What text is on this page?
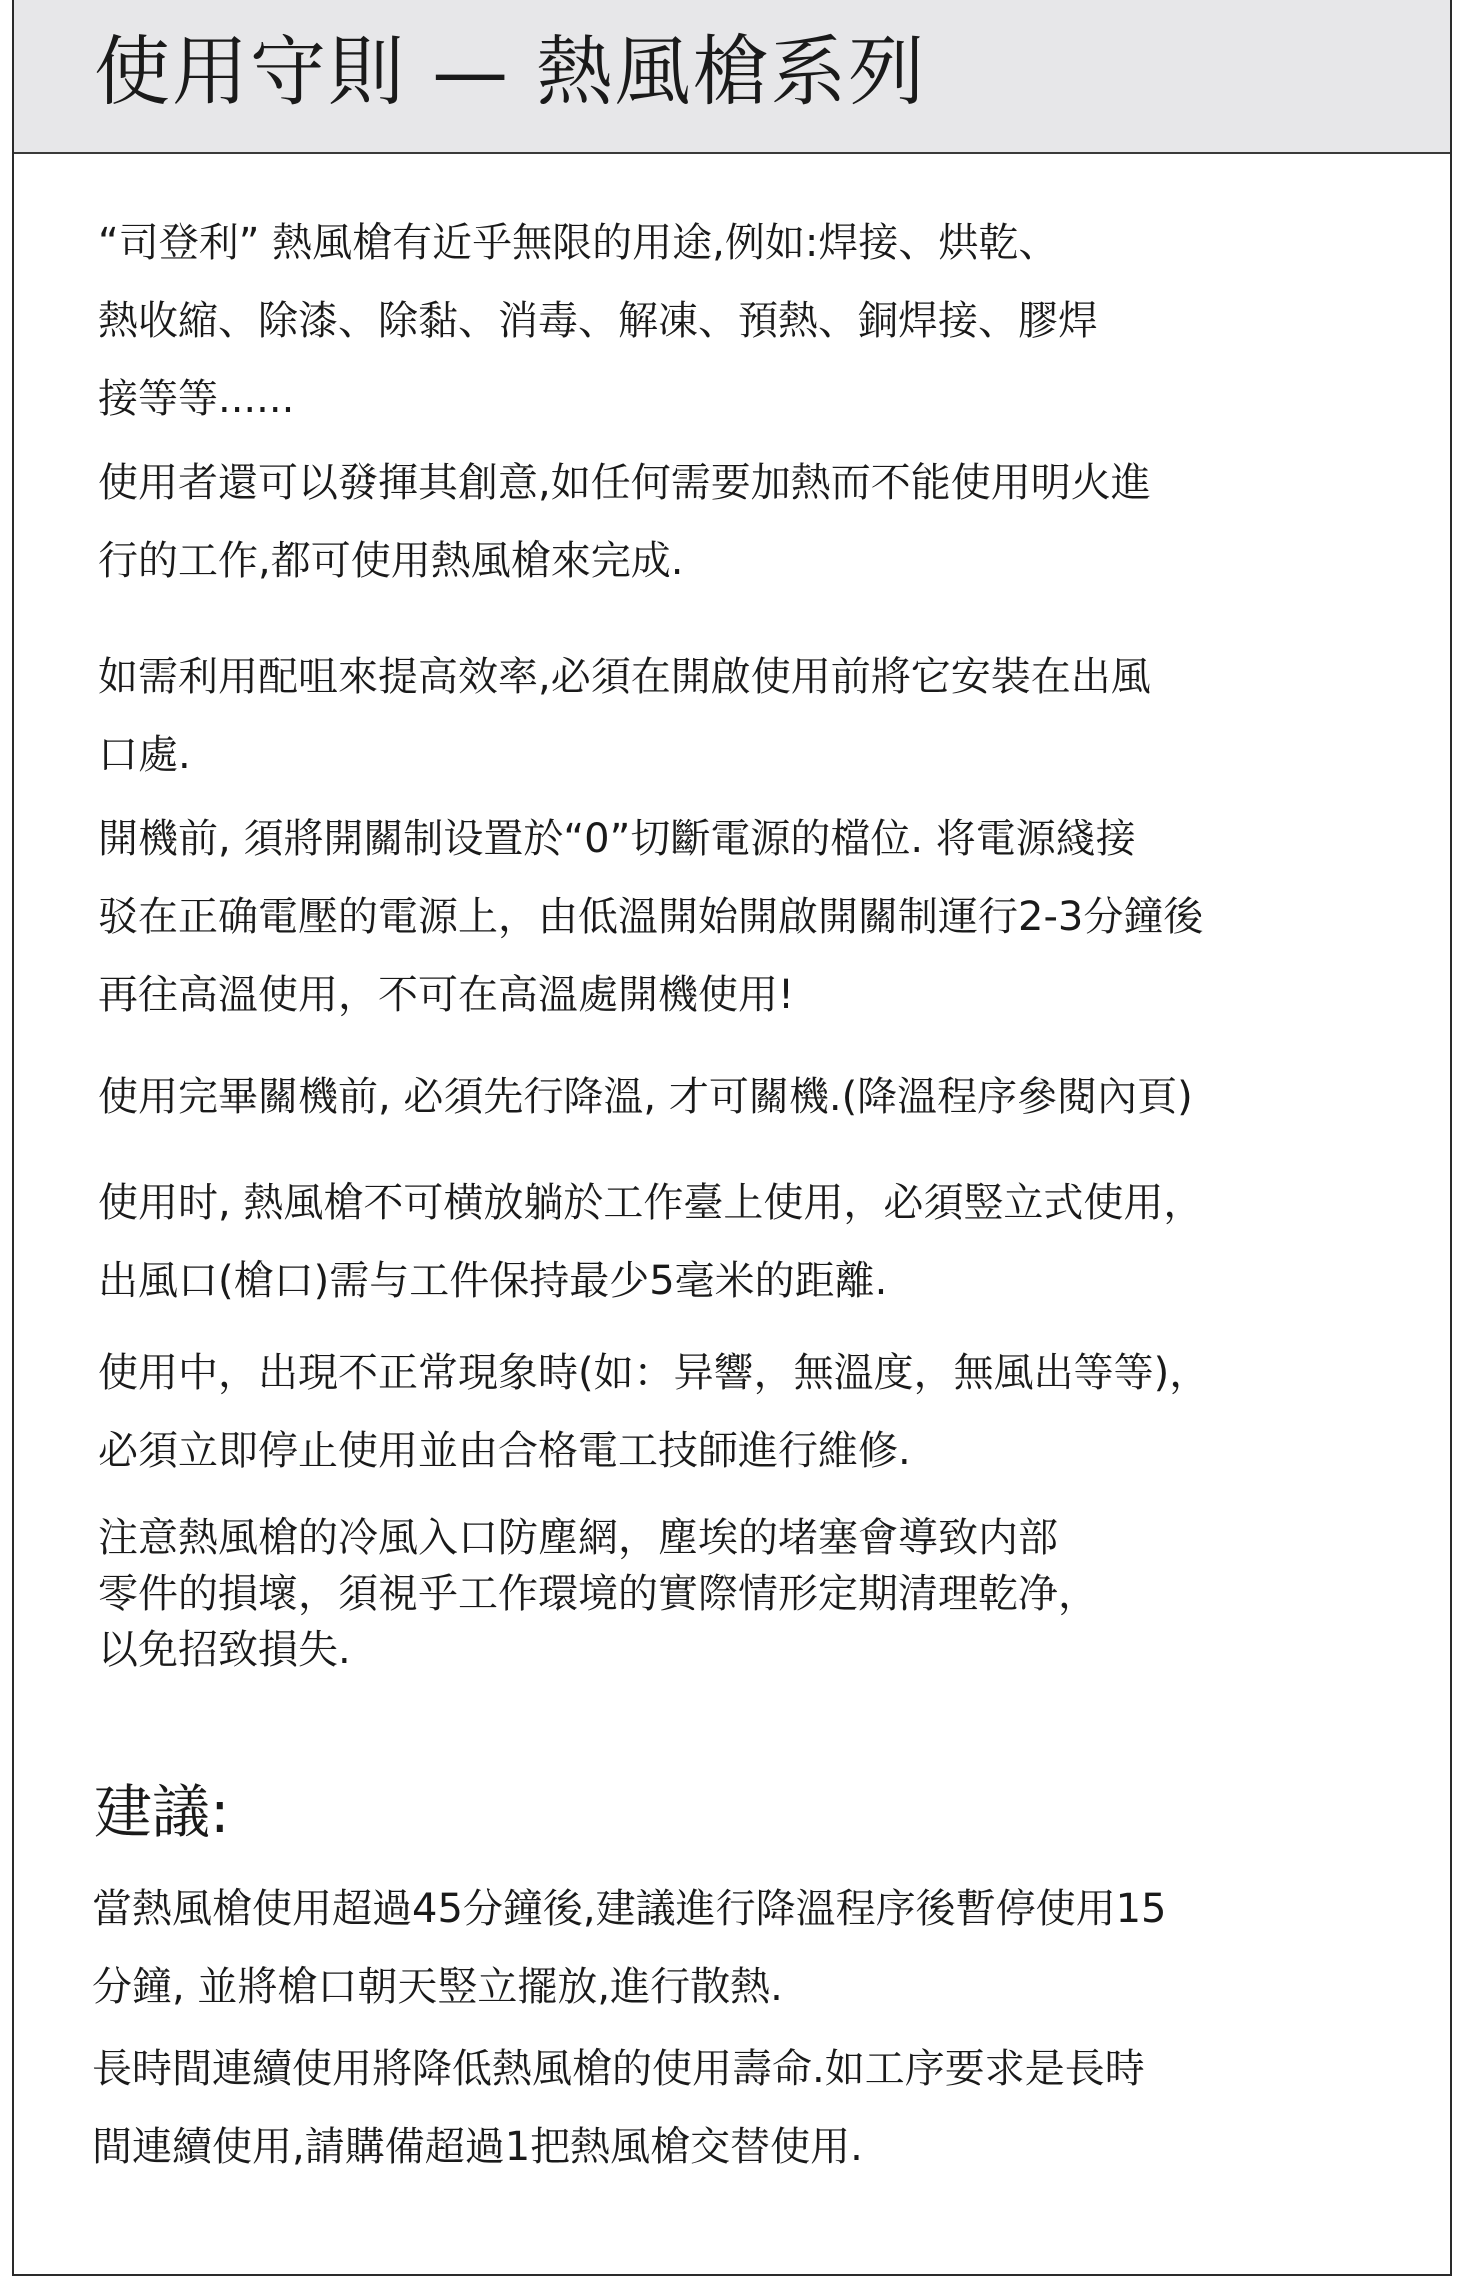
使用守則 — 熱風槍系列

“司登利” 熱風槍有近乎無限的用途,例如:焊接、烘乾、
熱收縮、除漆、除黏、消毒、解凍、預熱、銅焊接、膠焊
接等等......

使用者還可以發揮其創意,如任何需要加熱而不能使用明火進
行的工作,都可使用熱風槍來完成.

如需利用配咀來提高效率,必須在開啟使用前將它安裝在出風
口處.

開機前, 須將開關制设置於“0”切斷電源的檔位. 将電源綫接
驳在正确電壓的電源上，由低溫開始開啟開關制運行2-3分鐘後
再往高溫使用，不可在高溫處開機使用!

使用完畢關機前, 必須先行降溫, 才可關機.(降溫程序參閱內頁)

使用时, 熱風槍不可横放躺於工作臺上使用，必須竪立式使用，
出風口(槍口)需与工件保持最少5毫米的距離.

使用中，出現不正常現象時(如：异響，無溫度，無風出等等)，
必須立即停止使用並由合格電工技師進行維修.

注意熱風槍的冷風入口防塵網，塵埃的堵塞會導致内部
零件的損壞，須視乎工作環境的實際情形定期清理乾净，
以免招致損失.

建議:

當熱風槍使用超過45分鐘後,建議進行降溫程序後暫停使用15
分鐘, 並將槍口朝天竪立擺放,進行散熱.

長時間連續使用將降低熱風槍的使用壽命.如工序要求是長時
間連續使用,請購備超過1把熱風槍交替使用.
